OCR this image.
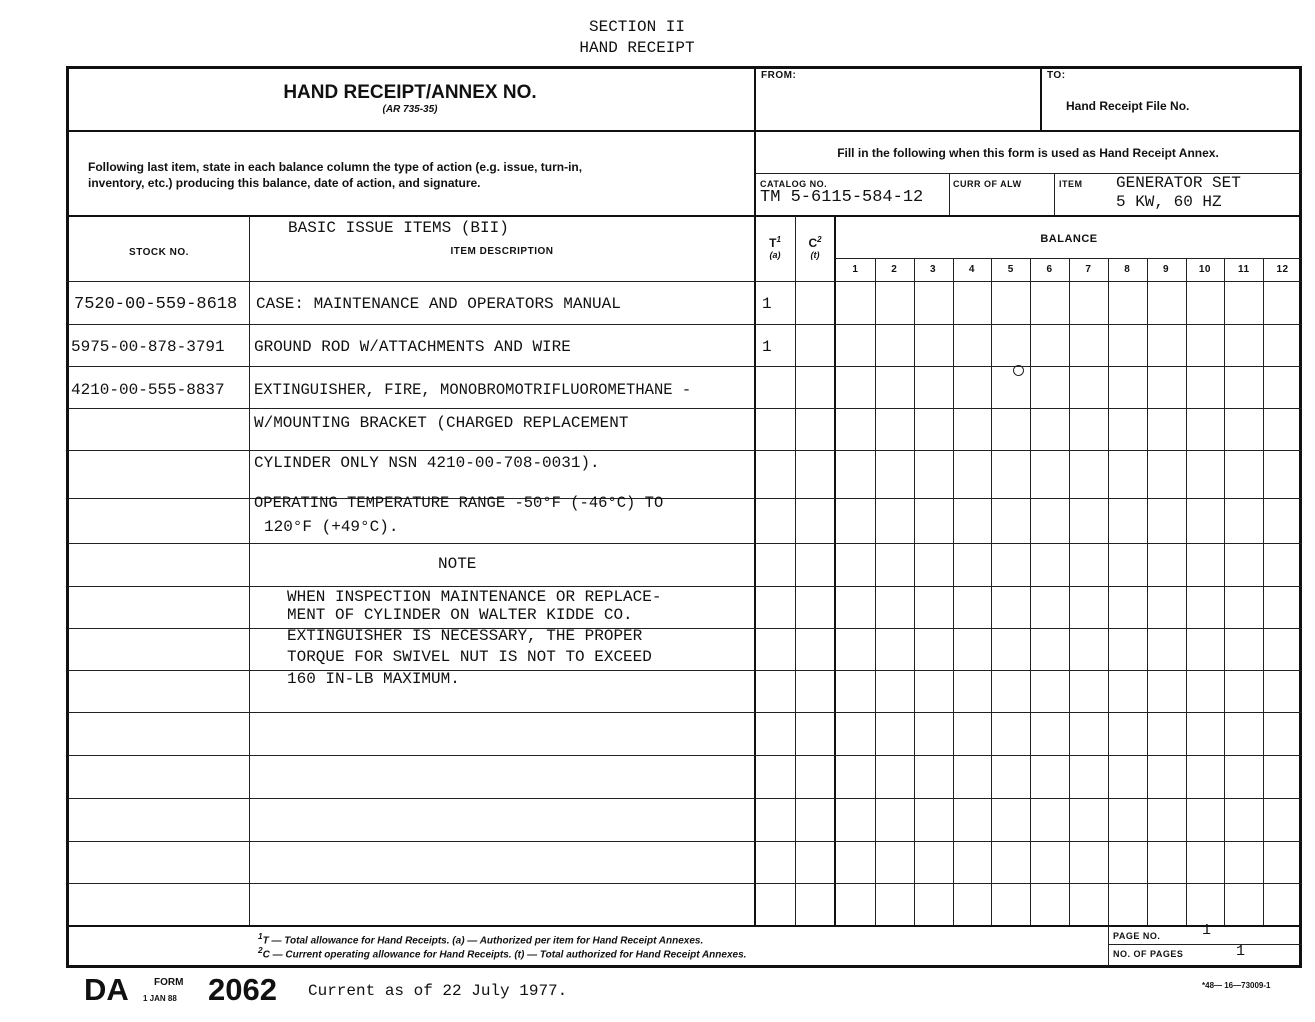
SECTION II
HAND RECEIPT
HAND RECEIPT/ANNEX NO.
(AR 735-35)
FROM:	TO:
Hand Receipt File No.
Following last item, state in each balance column the type of action (e.g. issue, turn-in,
inventory, etc.) producing this balance, date of action, and signature.
Fill in the following when this form is used as Hand Receipt Annex.
CATALOG NO.
TM 5-6115-584-12
CURR OF ALW	ITEM GENERATOR SET
5 KW, 60 HZ
STOCK NO.
BASIC ISSUE ITEMS (BII)
ITEM DESCRIPTION
$T^1$
(a)
$C^2$
(t)
BALANCE
1	2	3	4	5	6	7	8	9	10	11	12
7520-00-559-8618 CASE: MAINTENANCE AND OPERATORS MANUAL	1
5975-00-878-3791 GROUND ROD W/ATTACHMENTS AND WIRE	1
4210-00-555-8837 EXTINGUISHER, FIRE, MONOBROMOTRIFLUOROMETHANE -
W/MOUNTING BRACKET (CHARGED REPLACEMENT
CYLINDER ONLY NSN 4210-00-708-0031).
OPERATING TEMPERATURE RANGE -50°F (-46°C) TO
120°F (+49°C).
NOTE
WHEN INSPECTION MAINTENANCE OR REPLACE-
MENT OF CYLINDER ON WALTER KIDDE CO.
EXTINGUISHER IS NECESSARY, THE PROPER
TORQUE FOR SWIVEL NUT IS NOT TO EXCEED
160 IN-LB MAXIMUM.
$^1$T — Total allowance for Hand Receipts. (a) — Authorized per item for Hand Receipt Annexes.
$^2$C — Current operating allowance for Hand Receipts. (t) — Total authorized for Hand Receipt Annexes.
PAGE NO.	1
NO. OF PAGES	1
DA	FORM
1 JAN 88 2062 Current as of 22 July 1977.	*48— 16—73009-1
